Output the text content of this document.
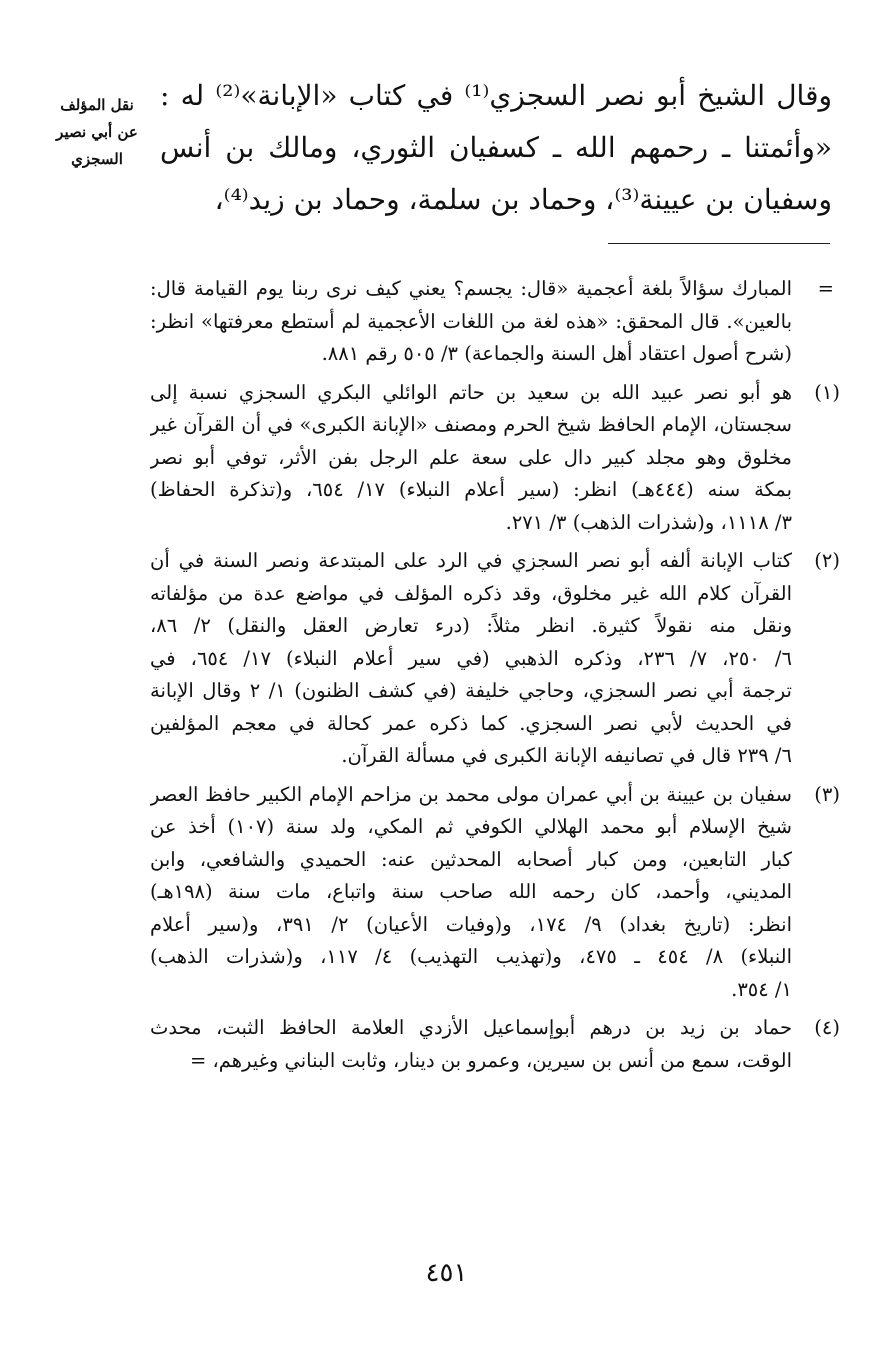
وقال الشيخ أبو نصر السجزي⁽¹⁾ في كتاب «الإبانة»⁽²⁾ له :

«وأئمتنا ـ رحمهم الله ـ كسفيان الثوري، ومالك بن أنس

وسفيان بن عيينة⁽³⁾، وحماد بن سلمة، وحماد بن زيد⁽⁴⁾،

نقل المؤلف
عن أبي نصير
السجزي
=
المبارك سؤالاً بلغة أعجمية «قال: يجسم؟ يعني كيف نرى ربنا يوم القيامة قال:
بالعين». قال المحقق: «هذه لغة من اللغات الأعجمية لم أستطع معرفتها» انظر:
(شرح أصول اعتقاد أهل السنة والجماعة) ٣/ ٥٠٥ رقم ٨٨١.
(١)
هو أبو نصر عبيد الله بن سعيد بن حاتم الوائلي البكري السجزي نسبة إلى
سجستان، الإمام الحافظ شيخ الحرم ومصنف «الإبانة الكبرى» في أن القرآن غير
مخلوق وهو مجلد كبير دال على سعة علم الرجل بفن الأثر، توفي أبو نصر
بمكة سنه (٤٤٤هـ) انظر: (سير أعلام النبلاء) ١٧/ ٦٥٤، و(تذكرة الحفاظ)
٣/ ١١١٨، و(شذرات الذهب) ٣/ ٢٧١.
(٢)
كتاب الإبانة ألفه أبو نصر السجزي في الرد على المبتدعة ونصر السنة في أن
القرآن كلام الله غير مخلوق، وقد ذكره المؤلف في مواضع عدة من مؤلفاته
ونقل منه نقولاً كثيرة. انظر مثلاً: (درء تعارض العقل والنقل) ٢/ ٨٦،
٦/ ٢٥٠، ٧/ ٢٣٦، وذكره الذهبي (في سير أعلام النبلاء) ١٧/ ٦٥٤، في
ترجمة أبي نصر السجزي، وحاجي خليفة (في كشف الظنون) ١/ ٢ وقال الإبانة
في الحديث لأبي نصر السجزي. كما ذكره عمر كحالة في معجم المؤلفين
٦/ ٢٣٩ قال في تصانيفه الإبانة الكبرى في مسألة القرآن.
(٣)
سفيان بن عيينة بن أبي عمران مولى محمد بن مزاحم الإمام الكبير حافظ العصر
شيخ الإسلام أبو محمد الهلالي الكوفي ثم المكي، ولد سنة (١٠٧) أخذ عن
كبار التابعين، ومن كبار أصحابه المحدثين عنه: الحميدي والشافعي، وابن
المديني، وأحمد، كان رحمه الله صاحب سنة واتباع، مات سنة (١٩٨هـ)
انظر: (تاريخ بغداد) ٩/ ١٧٤، و(وفيات الأعيان) ٢/ ٣٩١، و(سير أعلام
النبلاء) ٨/ ٤٥٤ ـ ٤٧٥، و(تهذيب التهذيب) ٤/ ١١٧، و(شذرات الذهب)
١/ ٣٥٤.
(٤)
حماد بن زيد بن درهم أبوإسماعيل الأزدي العلامة الحافظ الثبت، محدث
الوقت، سمع من أنس بن سيرين، وعمرو بن دينار، وثابت البناني وغيرهم، =
٤٥١
